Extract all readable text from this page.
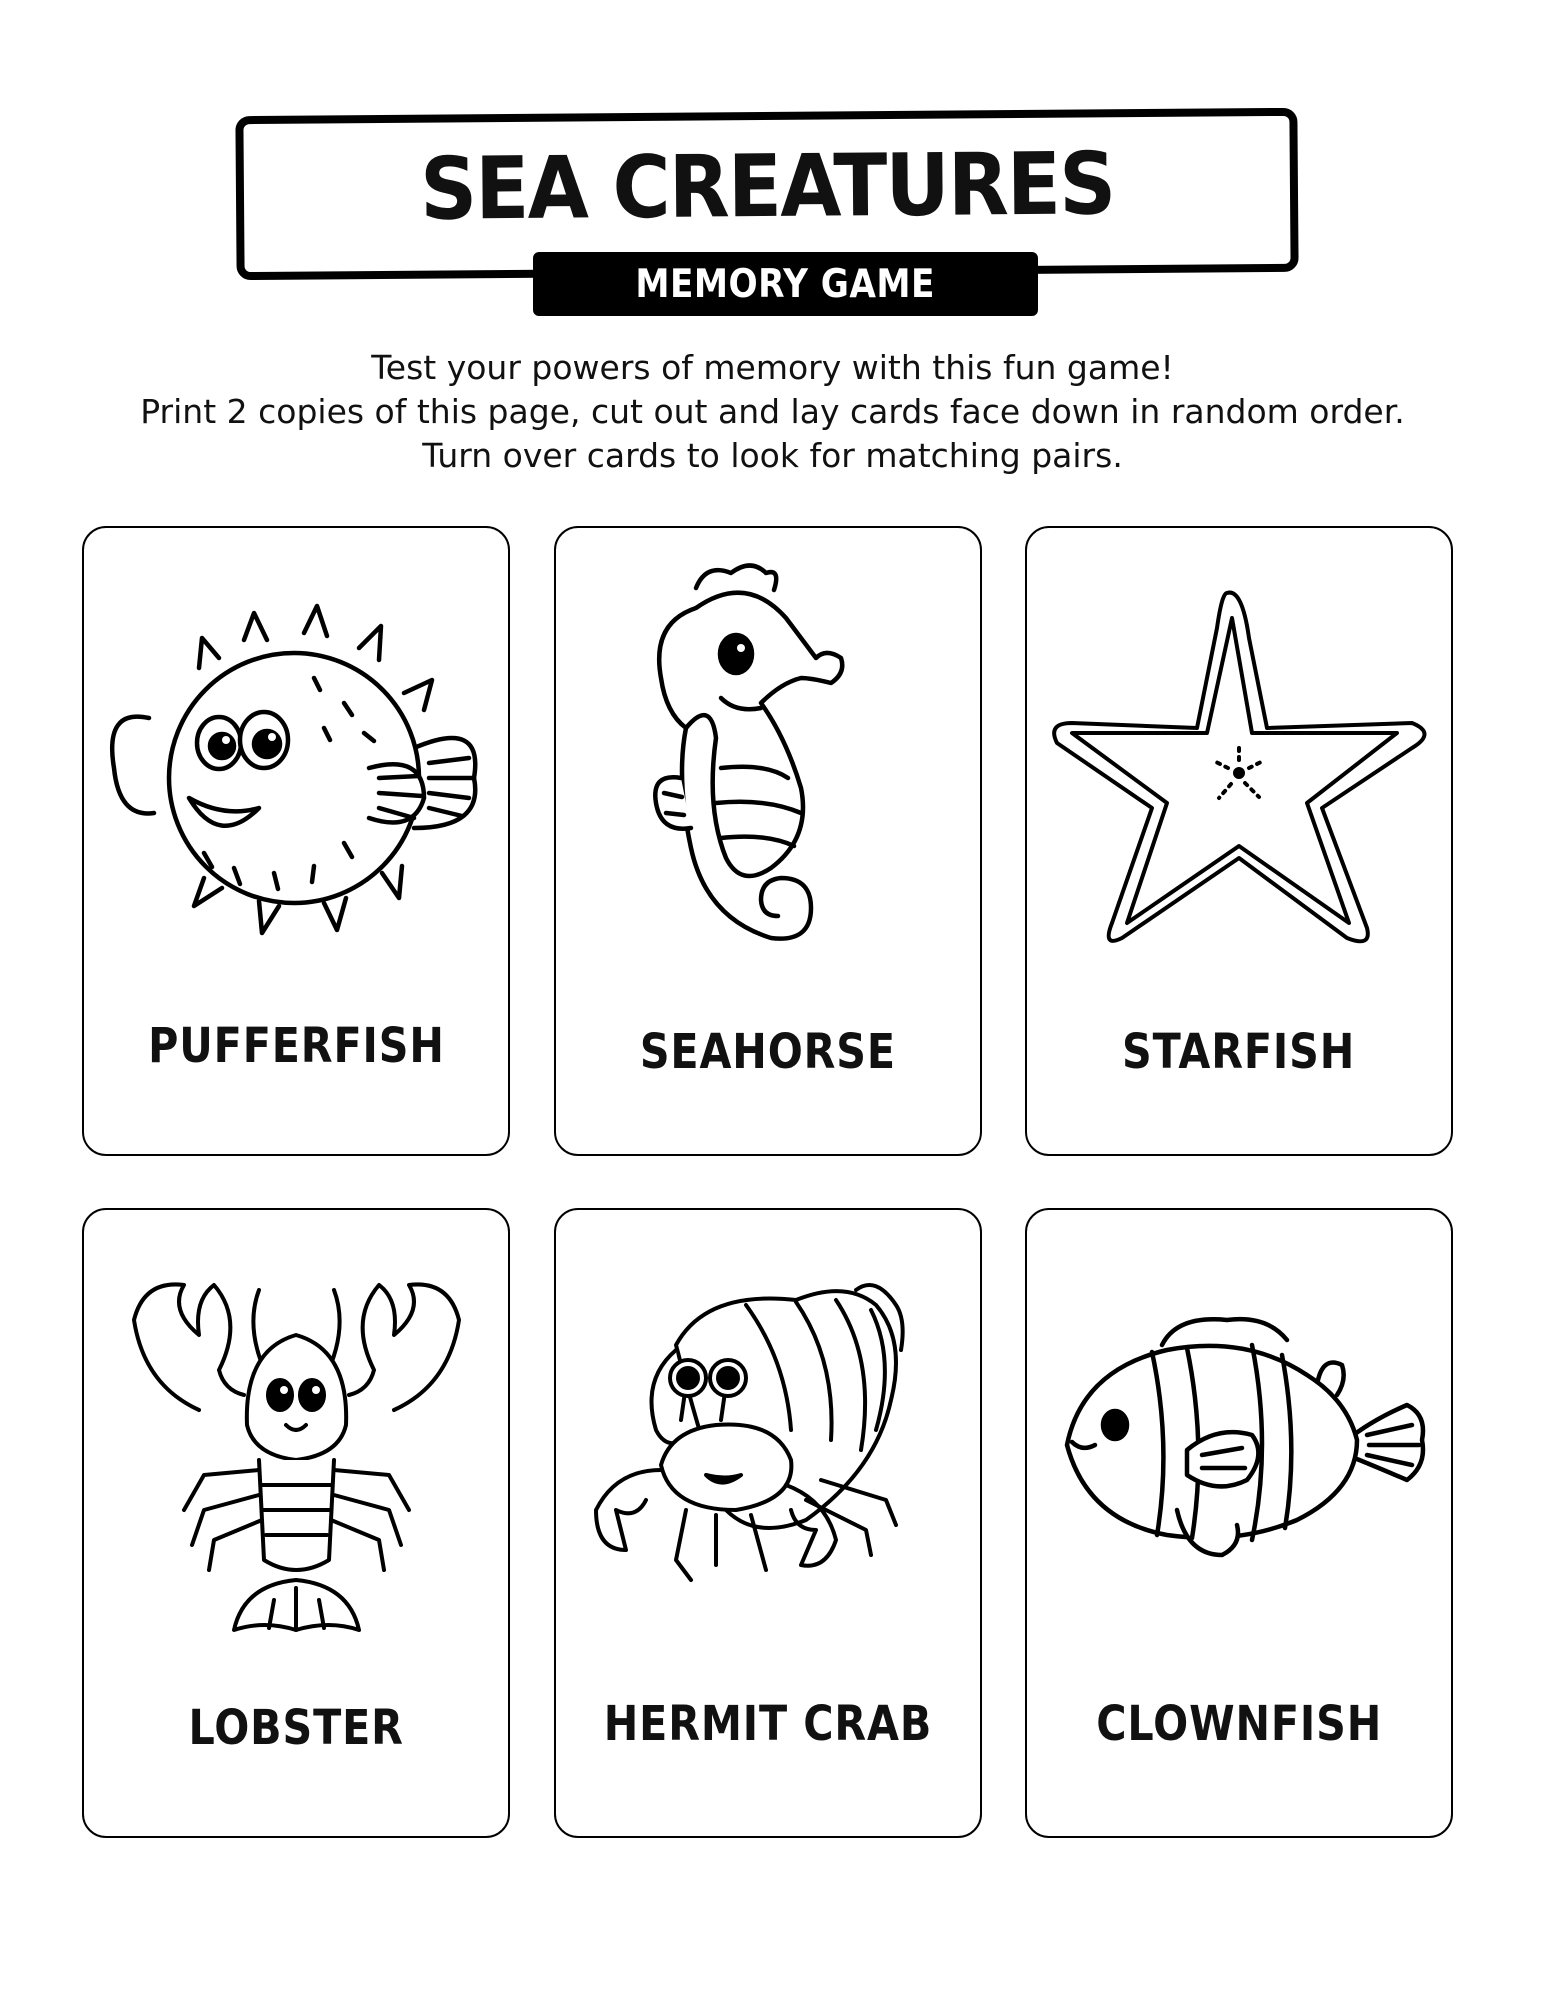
SEA CREATURES
MEMORY GAME
Test your powers of memory with this fun game!
Print 2 copies of this page, cut out and lay cards face down in random order.
Turn over cards to look for matching pairs.
PUFFERFISH	SEAHORSE	STARFISH
LOBSTER	HERMIT CRAB	CLOWNFISH
